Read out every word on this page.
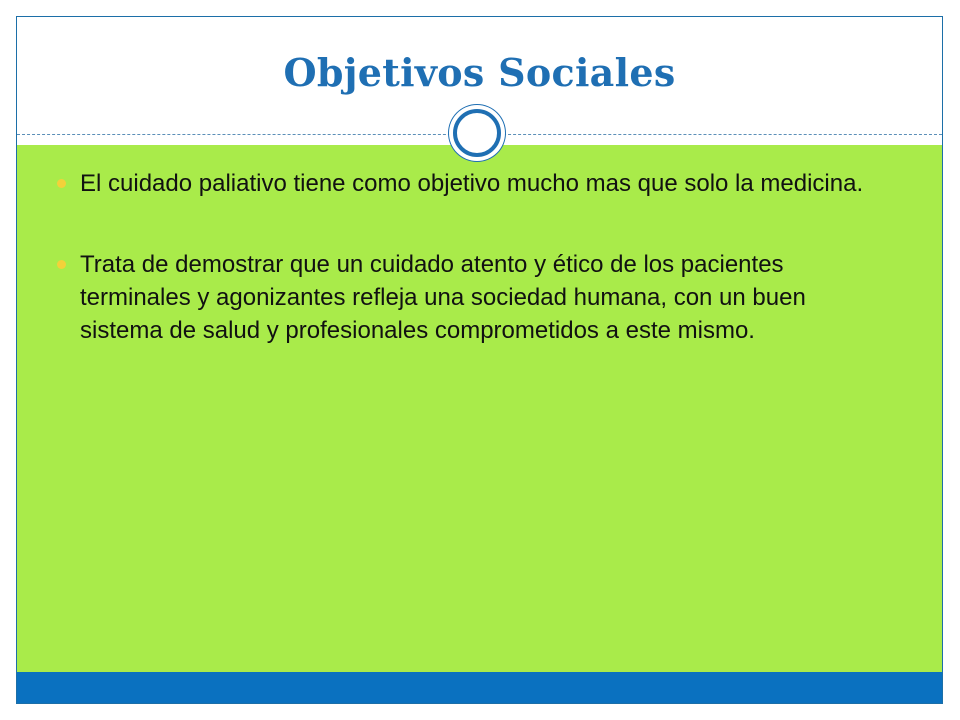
Objetivos Sociales
El cuidado paliativo tiene como objetivo mucho mas que solo la medicina.
Trata de demostrar que un cuidado atento y ético de los pacientes terminales y agonizantes refleja una sociedad humana, con un buen sistema de salud y profesionales comprometidos a este mismo.
